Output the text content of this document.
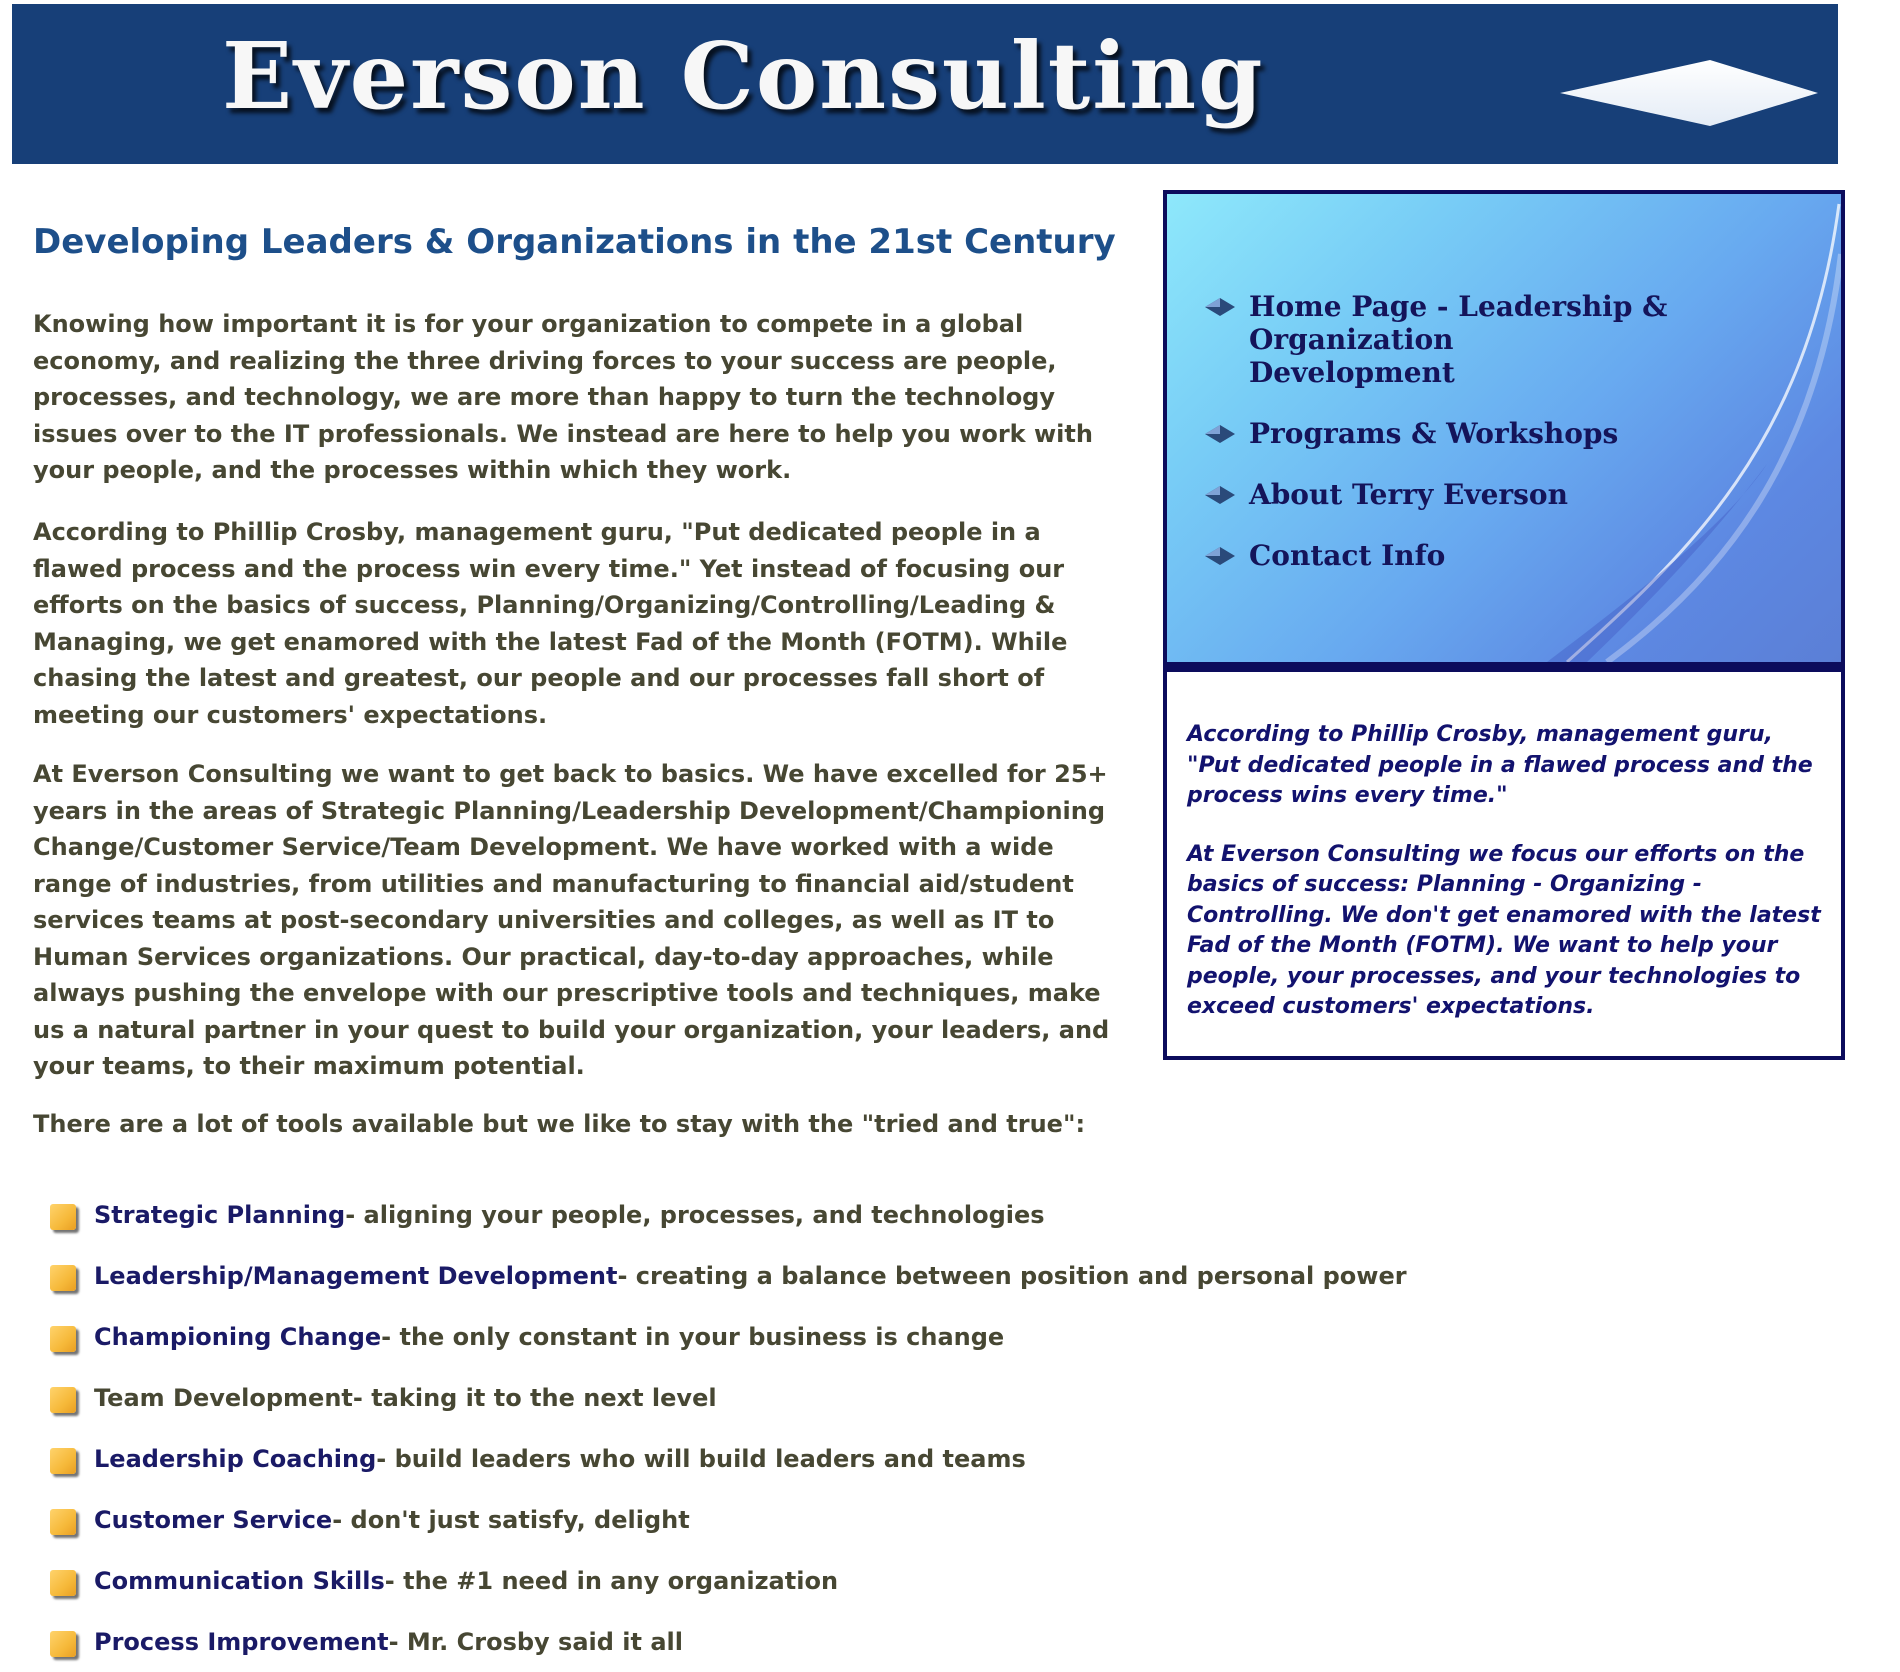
Everson Consulting
Developing Leaders & Organizations in the 21st Century

Knowing how important it is for your organization to compete in a global economy, and realizing the three driving forces to your success are people, processes, and technology, we are more than happy to turn the technology issues over to the IT professionals. We instead are here to help you work with your people, and the processes within which they work.

According to Phillip Crosby, management guru, "Put dedicated people in a flawed process and the process win every time." Yet instead of focusing our efforts on the basics of success, Planning/Organizing/Controlling/Leading & Managing, we get enamored with the latest Fad of the Month (FOTM). While chasing the latest and greatest, our people and our processes fall short of meeting our customers' expectations.

At Everson Consulting we want to get back to basics. We have excelled for 25+ years in the areas of Strategic Planning/Leadership Development/Championing Change/Customer Service/Team Development. We have worked with a wide range of industries, from utilities and manufacturing to financial aid/student services teams at post-secondary universities and colleges, as well as IT to Human Services organizations. Our practical, day-to-day approaches, while always pushing the envelope with our prescriptive tools and techniques, make us a natural partner in your quest to build your organization, your leaders, and your teams, to their maximum potential.

There are a lot of tools available but we like to stay with the "tried and true":

Strategic Planning - aligning your people, processes, and technologies
Leadership/Management Development - creating a balance between position and personal power
Championing Change - the only constant in your business is change
Team Development - taking it to the next level
Leadership Coaching - build leaders who will build leaders and teams
Customer Service - don't just satisfy, delight
Communication Skills - the #1 need in any organization
Process Improvement - Mr. Crosby said it all
Home Page - Leadership & Organization Development
Programs & Workshops
About Terry Everson
Contact Info

According to Phillip Crosby, management guru, "Put dedicated people in a flawed process and the process wins every time."

At Everson Consulting we focus our efforts on the basics of success: Planning - Organizing - Controlling. We don't get enamored with the latest Fad of the Month (FOTM). We want to help your people, your processes, and your technologies to exceed customers' expectations.
